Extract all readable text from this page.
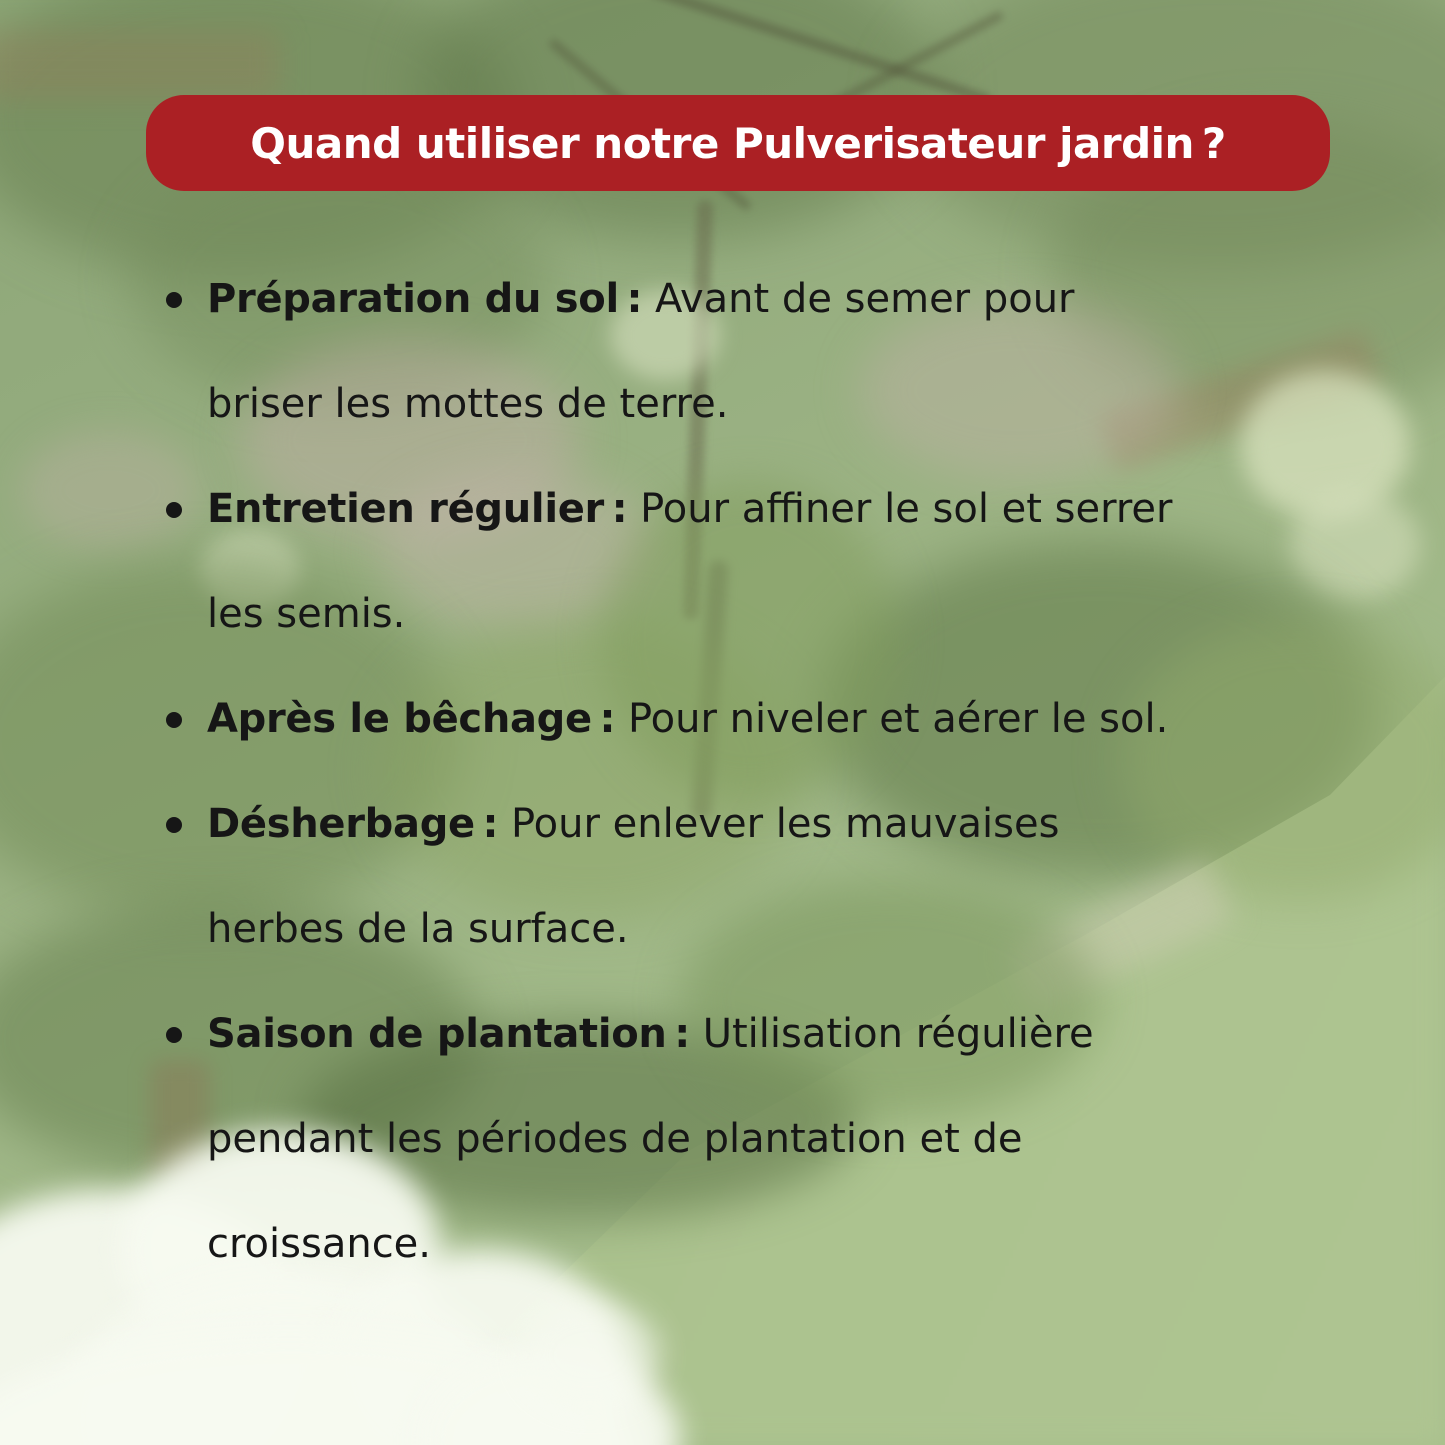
Quand utiliser notre Pulverisateur jardin ?
Préparation du sol : Avant de semer pour
briser les mottes de terre.
Entretien régulier : Pour affiner le sol et serrer
les semis.
Après le bêchage : Pour niveler et aérer le sol.
Désherbage : Pour enlever les mauvaises
herbes de la surface.
Saison de plantation : Utilisation régulière
pendant les périodes de plantation et de
croissance.
